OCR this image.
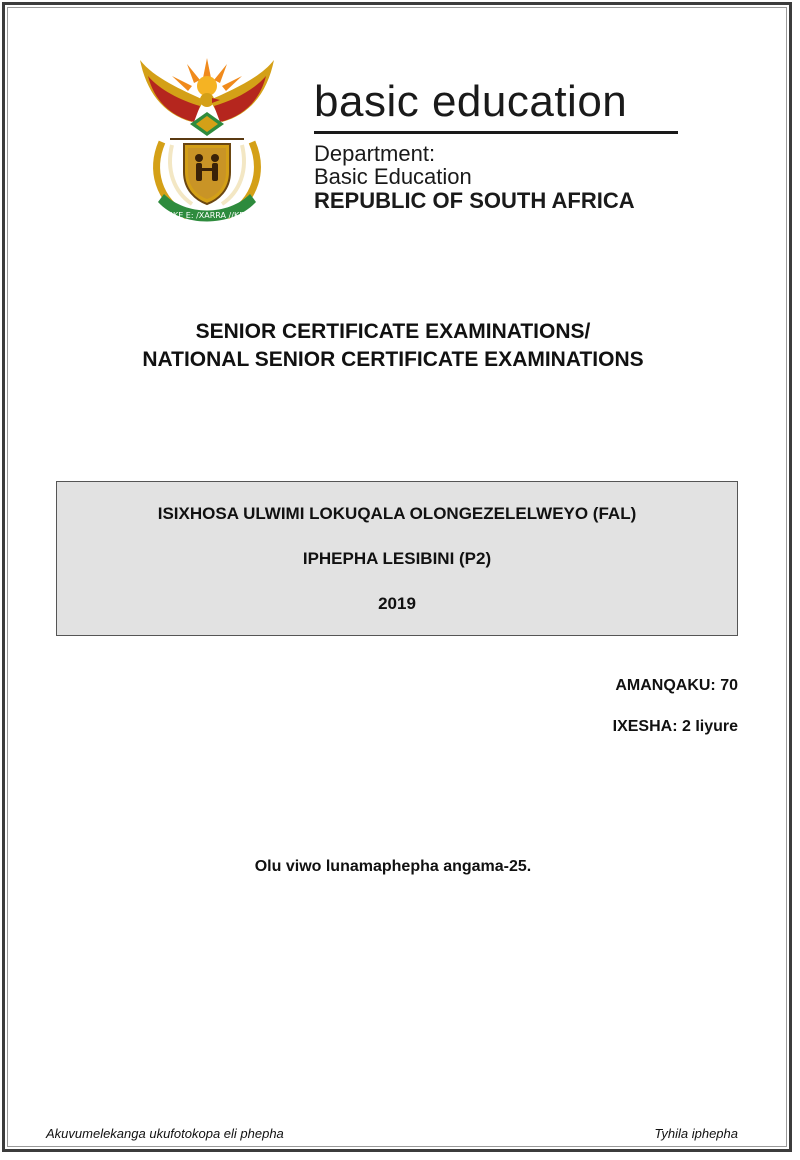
!KE E: /XARRA //KE
basic education
Department:
Basic Education
REPUBLIC OF SOUTH AFRICA
SENIOR CERTIFICATE EXAMINATIONS/
NATIONAL SENIOR CERTIFICATE EXAMINATIONS
ISIXHOSA ULWIMI LOKUQALA OLONGEZELELWEYO (FAL)
IPHEPHA LESIBINI (P2)
2019
AMANQAKU: 70
IXESHA: 2 Iiyure
Olu viwo lunamaphepha angama-25.
Akuvumelekanga ukufotokopa eli phepha	Tyhila iphepha
